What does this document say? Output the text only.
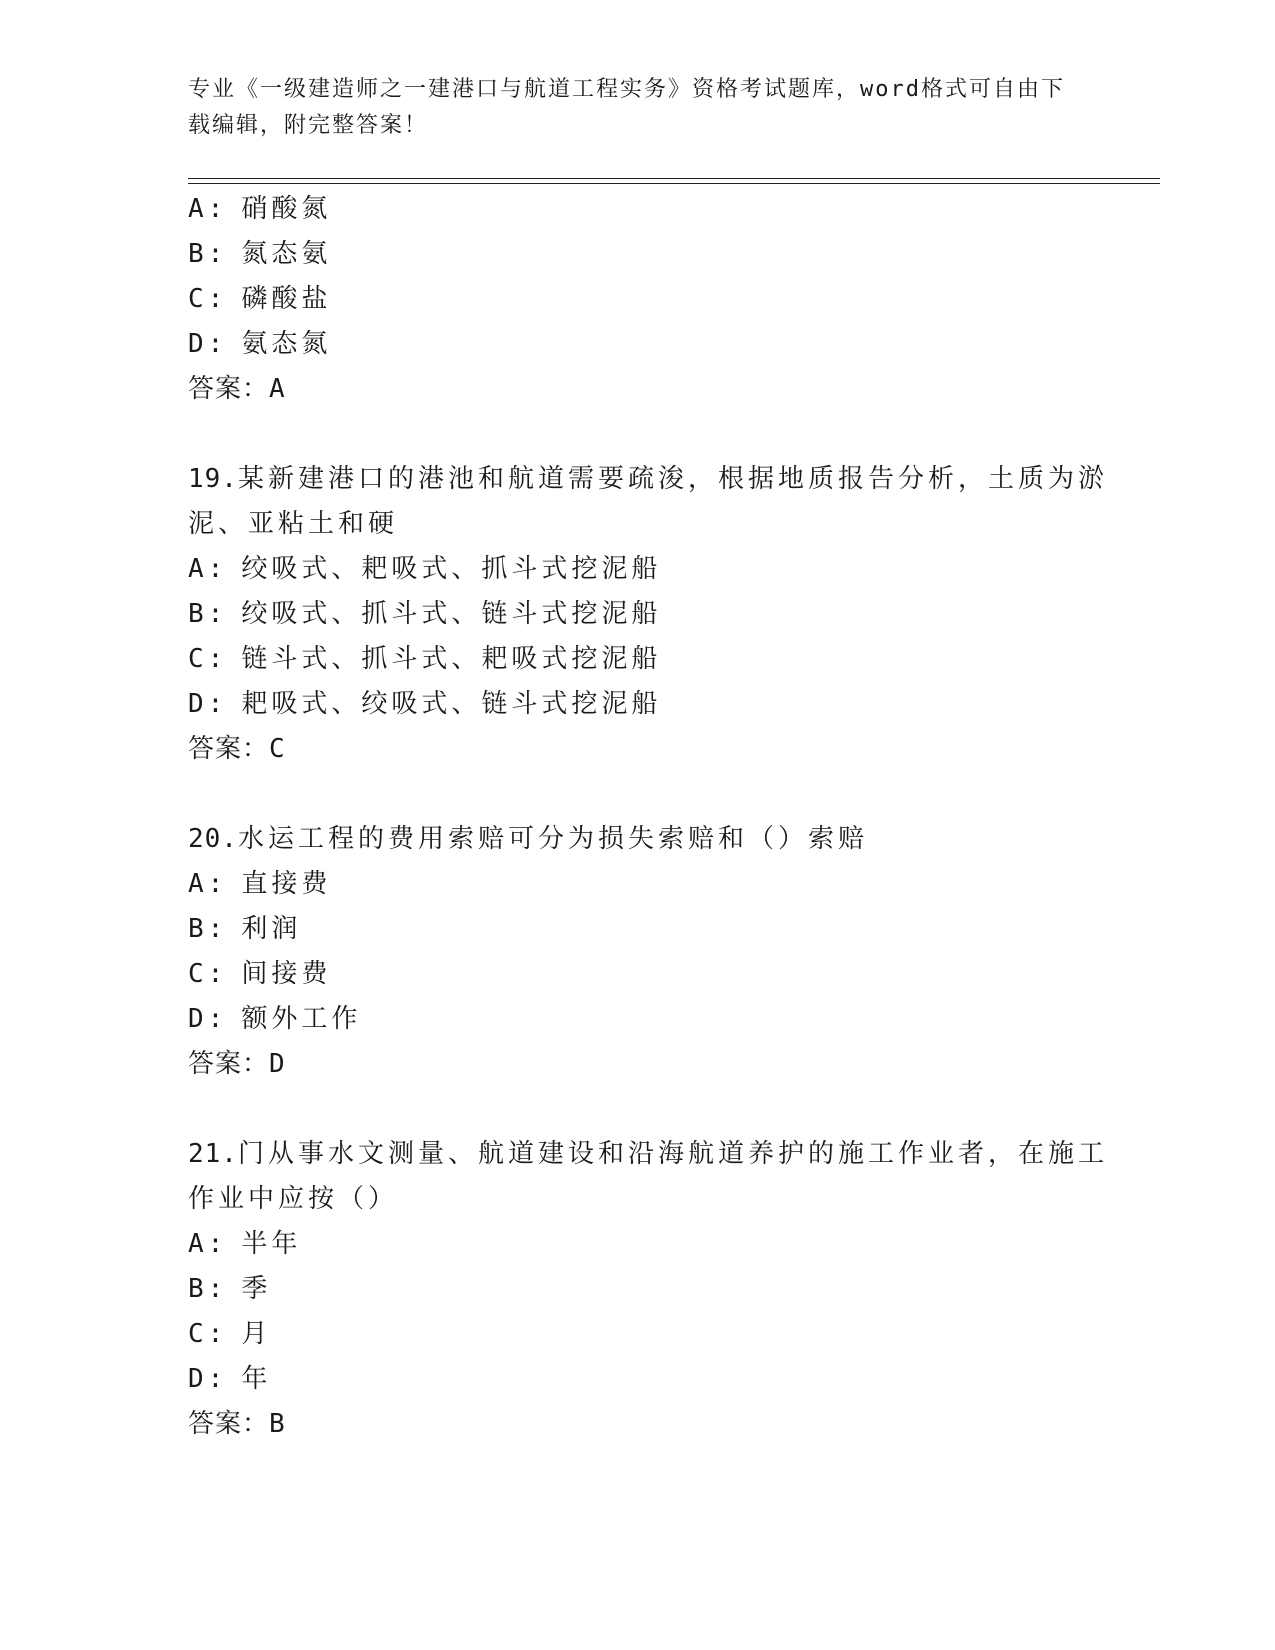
专业《一级建造师之一建港口与航道工程实务》资格考试题库，word格式可自由下载编辑，附完整答案！
A: 硝酸氮
B: 氮态氨
C: 磷酸盐
D: 氨态氮
答案：A
19.某新建港口的港池和航道需要疏浚，根据地质报告分析，土质为淤
泥、亚粘土和硬
A: 绞吸式、耙吸式、抓斗式挖泥船
B: 绞吸式、抓斗式、链斗式挖泥船
C: 链斗式、抓斗式、耙吸式挖泥船
D: 耙吸式、绞吸式、链斗式挖泥船
答案：C
20.水运工程的费用索赔可分为损失索赔和（）索赔
A: 直接费
B: 利润
C: 间接费
D: 额外工作
答案：D
21.门从事水文测量、航道建设和沿海航道养护的施工作业者，在施工
作业中应按（）
A: 半年
B: 季
C: 月
D: 年
答案：B
